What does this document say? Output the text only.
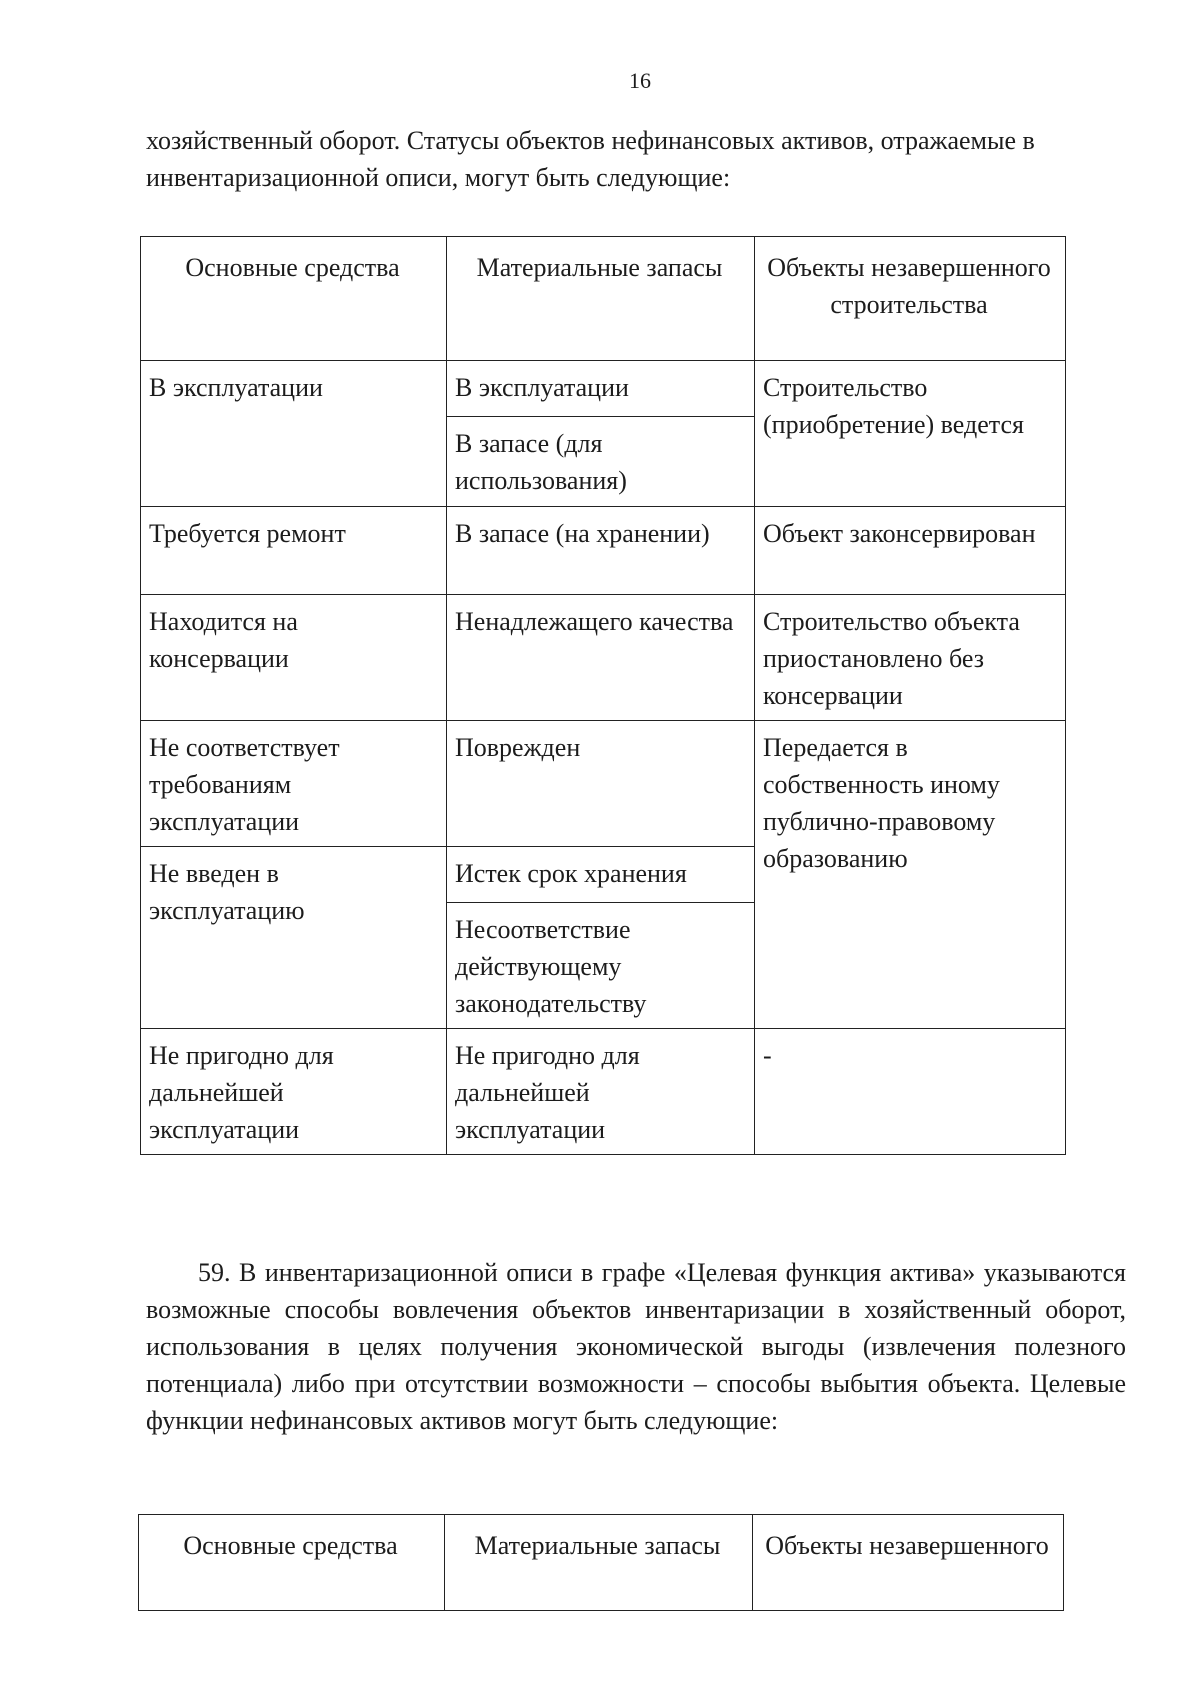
16

хозяйственный оборот. Статусы объектов нефинансовых активов, отражаемые в инвентаризационной описи, могут быть следующие:

Основные средства	Материальные запасы	Объекты незавершенного строительства
В эксплуатации	В эксплуатации	Строительство (приобретение) ведется
	В запасе (для использования)	
Требуется ремонт	В запасе (на хранении)	Объект законсервирован
Находится на консервации	Ненадлежащего качества	Строительство объекта приостановлено без консервации
Не соответствует требованиям эксплуатации	Поврежден	Передается в собственность иному публично-правовому образованию
Не введен в эксплуатацию	Истек срок хранения	
	Несоответствие действующему законодательству	
Не пригодно для дальнейшей эксплуатации	Не пригодно для дальнейшей эксплуатации	-

59. В инвентаризационной описи в графе «Целевая функция актива» указываются возможные способы вовлечения объектов инвентаризации в хозяйственный оборот, использования в целях получения экономической выгоды (извлечения полезного потенциала) либо при отсутствии возможности – способы выбытия объекта. Целевые функции нефинансовых активов могут быть следующие:

Основные средства	Материальные запасы	Объекты незавершенного
